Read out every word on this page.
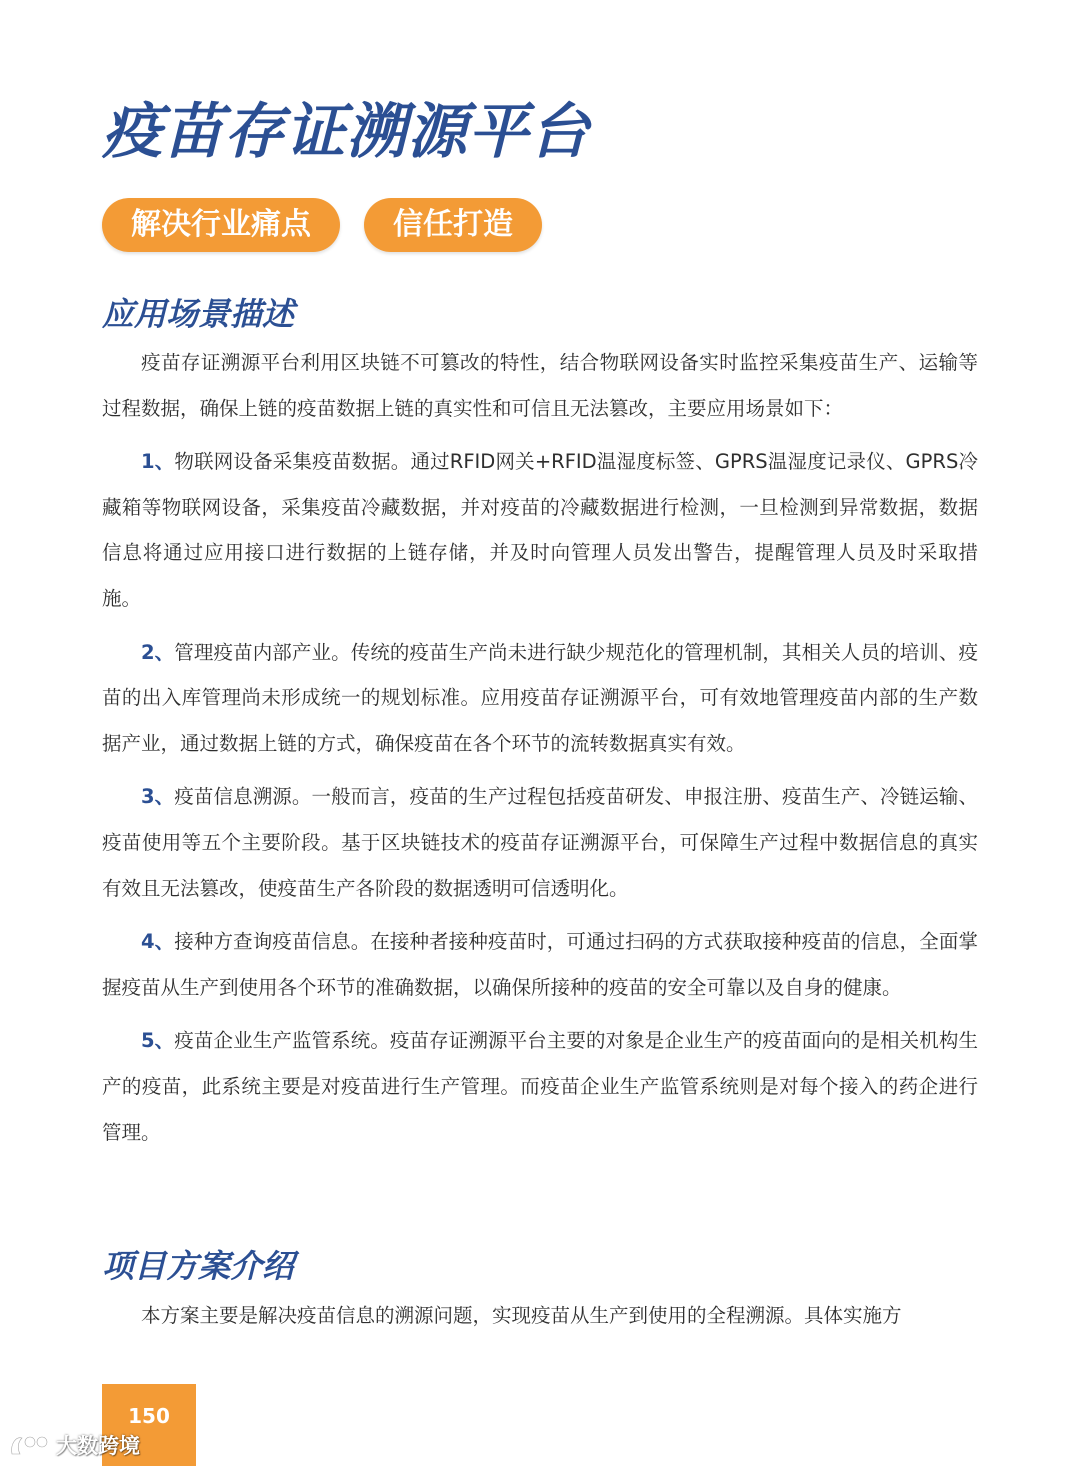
疫苗存证溯源平台
解决行业痛点	信任打造
应用场景描述

疫苗存证溯源平台利用区块链不可篡改的特性，结合物联网设备实时监控采集疫苗生产、运输等过程数据，确保上链的疫苗数据上链的真实性和可信且无法篡改，主要应用场景如下：

1、物联网设备采集疫苗数据。通过RFID网关+RFID温湿度标签、GPRS温湿度记录仪、GPRS冷藏箱等物联网设备，采集疫苗冷藏数据，并对疫苗的冷藏数据进行检测，一旦检测到异常数据，数据信息将通过应用接口进行数据的上链存储，并及时向管理人员发出警告，提醒管理人员及时采取措施。

2、管理疫苗内部产业。传统的疫苗生产尚未进行缺少规范化的管理机制，其相关人员的培训、疫苗的出入库管理尚未形成统一的规划标准。应用疫苗存证溯源平台，可有效地管理疫苗内部的生产数据产业，通过数据上链的方式，确保疫苗在各个环节的流转数据真实有效。

3、疫苗信息溯源。一般而言，疫苗的生产过程包括疫苗研发、申报注册、疫苗生产、冷链运输、疫苗使用等五个主要阶段。基于区块链技术的疫苗存证溯源平台，可保障生产过程中数据信息的真实有效且无法篡改，使疫苗生产各阶段的数据透明可信透明化。

4、接种方查询疫苗信息。在接种者接种疫苗时，可通过扫码的方式获取接种疫苗的信息，全面掌握疫苗从生产到使用各个环节的准确数据，以确保所接种的疫苗的安全可靠以及自身的健康。

5、疫苗企业生产监管系统。疫苗存证溯源平台主要的对象是企业生产的疫苗面向的是相关机构生产的疫苗，此系统主要是对疫苗进行生产管理。而疫苗企业生产监管系统则是对每个接入的药企进行管理。

项目方案介绍

本方案主要是解决疫苗信息的溯源问题，实现疫苗从生产到使用的全程溯源。具体实施方

150
大数跨境
